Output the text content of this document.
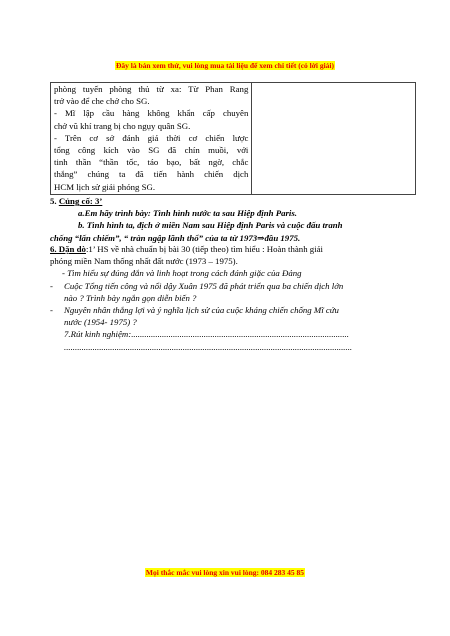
Đây là bản xem thử, vui lòng mua tài liệu để xem chi tiết (có lời giải)
phòng tuyến phòng thủ từ xa: Từ Phan Rang
trở vào để che chở cho SG.
- Mĩ lập cầu hàng không khẩn cấp chuyên
chở vũ khí trang bị cho ngụy quân SG.
- Trên cơ sở đánh giá thời cơ chiến lược
tổng công kích vào SG đã chín muồi, với
tinh thần “thần tốc, táo bạo, bất ngờ, chắc
thắng” chúng ta đã tiến hành chiến dịch
HCM lịch sử giải phóng SG.

5. Củng cố: 3’
a.Em hãy trình bày: Tình hình nước ta sau Hiệp định Paris.
b. Tình hình ta, địch ở miền Nam sau Hiệp định Paris và cuộc đấu tranh
chống “lấn chiếm”, “ tràn ngập lãnh thổ” của ta từ 1973⇒đầu 1975.
6. Dặn dò:1’ HS về nhà chuẩn bị bài 30 (tiếp theo) tìm hiểu : Hoàn thành giải
phóng miền Nam thống nhất đất nước (1973 – 1975).
- Tìm hiểu sự đúng đắn và linh hoạt trong cách đánh giặc của Đảng
-	Cuộc Tổng tiến công và nổi dậy Xuân 1975 đã phát triển qua ba chiến dịch lớn
nào ? Trình bày ngắn gọn diễn biến ?
-	Nguyên nhân thắng lợi và ý nghĩa lịch sử của cuộc kháng chiến chống Mĩ cứu
nước (1954- 1975) ?
7.Rút kinh nghiệm:...................................................................................................
...................................................................................................................................
Mọi thắc mắc vui lòng xin vui lòng: 084 283 45 85
